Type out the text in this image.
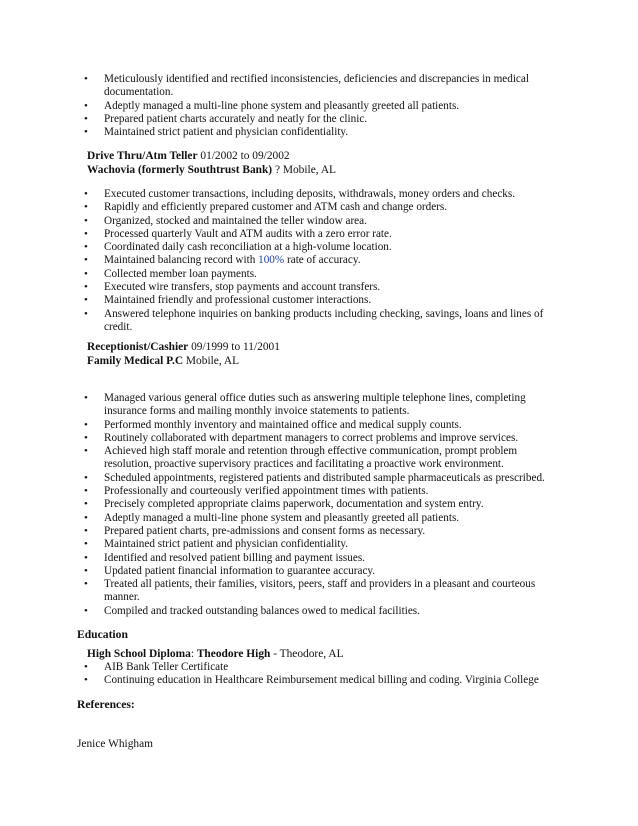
• Meticulously identified and rectified inconsistencies, deficiencies and discrepancies in medical documentation.
• Adeptly managed a multi-line phone system and pleasantly greeted all patients.
• Prepared patient charts accurately and neatly for the clinic.
• Maintained strict patient and physician confidentiality.
Drive Thru/Atm Teller 01/2002 to 09/2002
Wachovia (formerly Southtrust Bank) ? Mobile, AL
• Executed customer transactions, including deposits, withdrawals, money orders and checks.
• Rapidly and efficiently prepared customer and ATM cash and change orders.
• Organized, stocked and maintained the teller window area.
• Processed quarterly Vault and ATM audits with a zero error rate.
• Coordinated daily cash reconciliation at a high-volume location.
• Maintained balancing record with 100% rate of accuracy.
• Collected member loan payments.
• Executed wire transfers, stop payments and account transfers.
• Maintained friendly and professional customer interactions.
• Answered telephone inquiries on banking products including checking, savings, loans and lines of credit.
Receptionist/Cashier 09/1999 to 11/2001
Family Medical P.C Mobile, AL
• Managed various general office duties such as answering multiple telephone lines, completing insurance forms and mailing monthly invoice statements to patients.
• Performed monthly inventory and maintained office and medical supply counts.
• Routinely collaborated with department managers to correct problems and improve services.
• Achieved high staff morale and retention through effective communication, prompt problem resolution, proactive supervisory practices and facilitating a proactive work environment.
• Scheduled appointments, registered patients and distributed sample pharmaceuticals as prescribed.
• Professionally and courteously verified appointment times with patients.
• Precisely completed appropriate claims paperwork, documentation and system entry.
• Adeptly managed a multi-line phone system and pleasantly greeted all patients.
• Prepared patient charts, pre-admissions and consent forms as necessary.
• Maintained strict patient and physician confidentiality.
• Identified and resolved patient billing and payment issues.
• Updated patient financial information to guarantee accuracy.
• Treated all patients, their families, visitors, peers, staff and providers in a pleasant and courteous manner.
• Compiled and tracked outstanding balances owed to medical facilities.
Education
High School Diploma: Theodore High - Theodore, AL
• AIB Bank Teller Certificate
• Continuing education in Healthcare Reimbursement medical billing and coding. Virginia College
References:
Jenice Whigham
